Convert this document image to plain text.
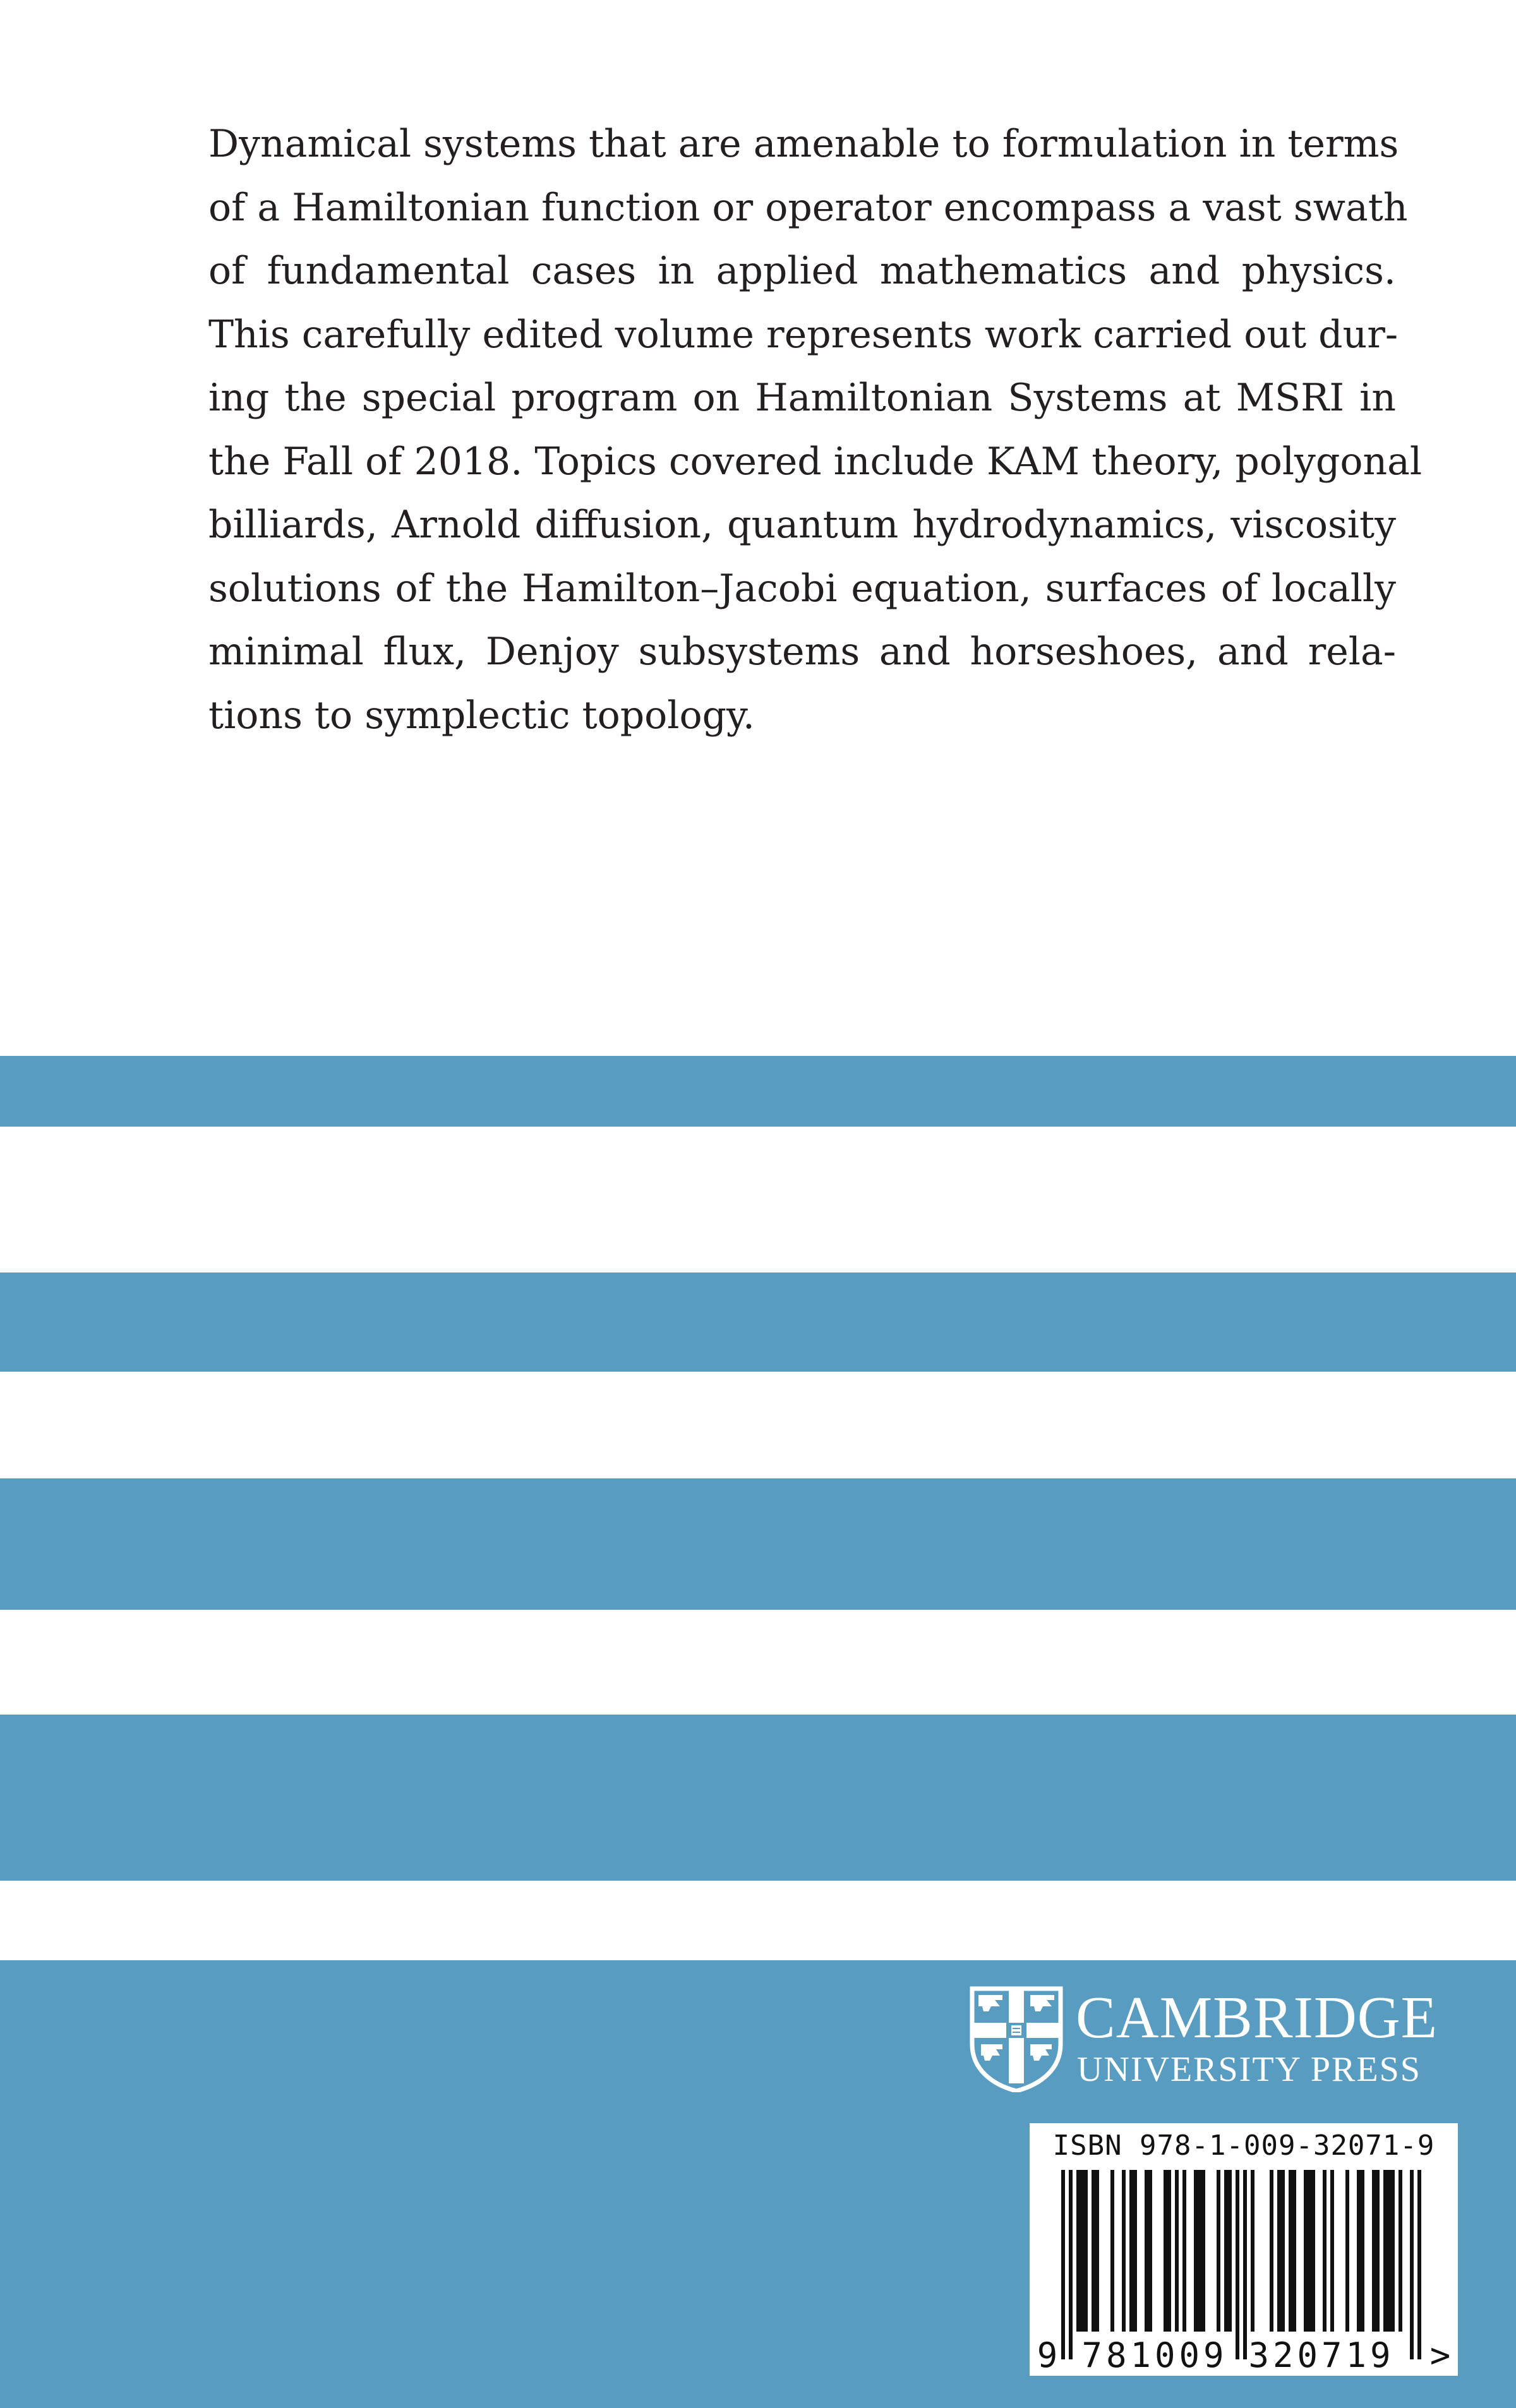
Dynamical systems that are amenable to formulation in terms
of a Hamiltonian function or operator encompass a vast swath
of fundamental cases in applied mathematics and physics.
This carefully edited volume represents work carried out dur-
ing the special program on Hamiltonian Systems at MSRI in
the Fall of 2018. Topics covered include KAM theory, polygonal
billiards, Arnold diffusion, quantum hydrodynamics, viscosity
solutions of the Hamilton–Jacobi equation, surfaces of locally
minimal flux, Denjoy subsystems and horseshoes, and rela-
tions to symplectic topology.
CAMBRIDGE
UNIVERSITY PRESS
ISBN 978-1-009-32071-9
9 781009 320719 >
